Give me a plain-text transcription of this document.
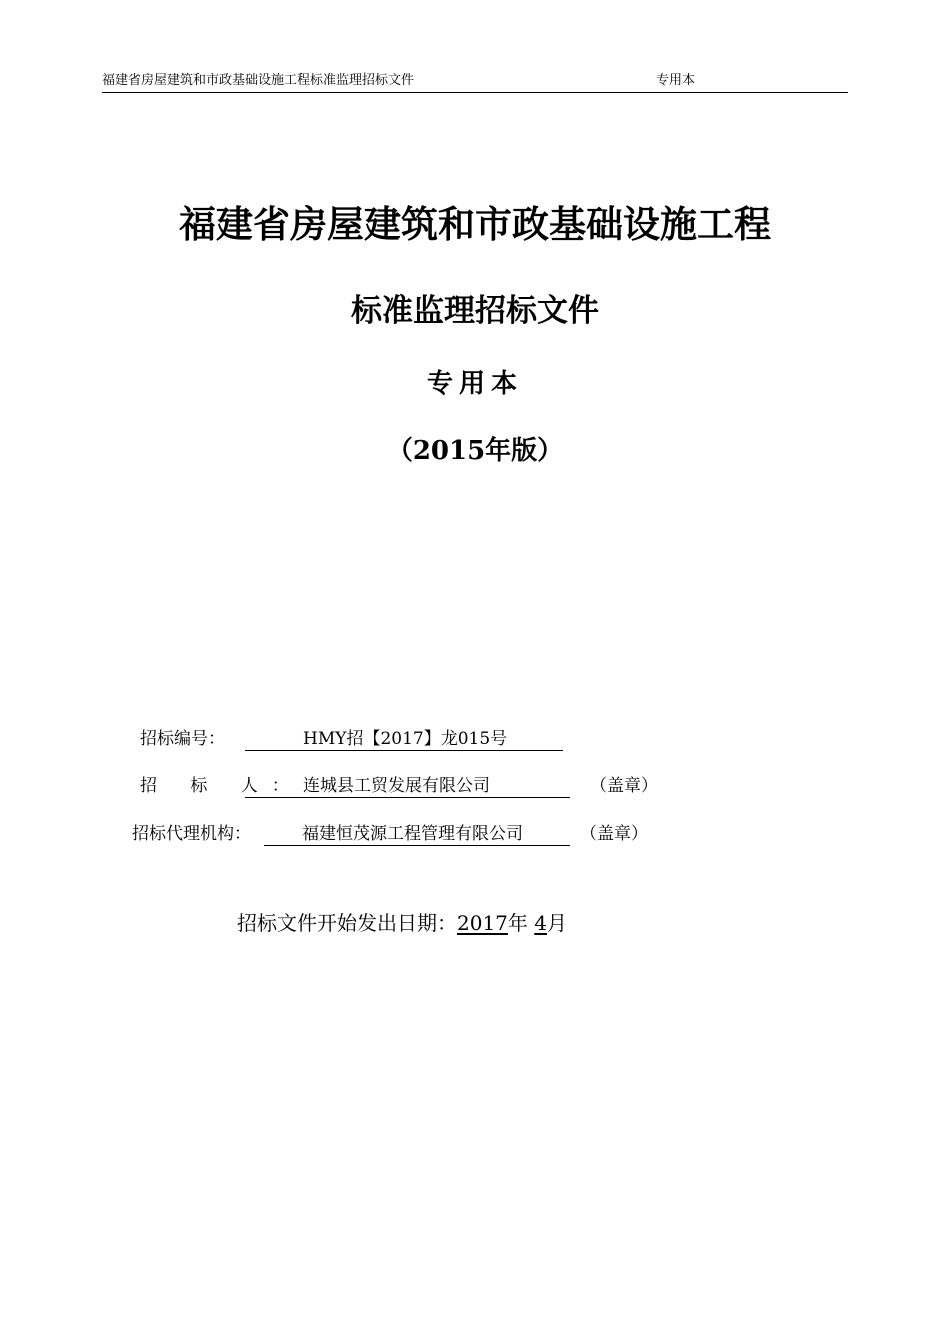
福建省房屋建筑和市政基础设施工程标准监理招标文件	专用本
福建省房屋建筑和市政基础设施工程
标准监理招标文件
专用本
（2015年版）
招标编号：	HMY招【2017】龙015号
招 标 人：连城县工贸发展有限公司	（盖章）
招标代理机构：	福建恒茂源工程管理有限公司	（盖章）
招标文件开始发出日期：2017年 4月
